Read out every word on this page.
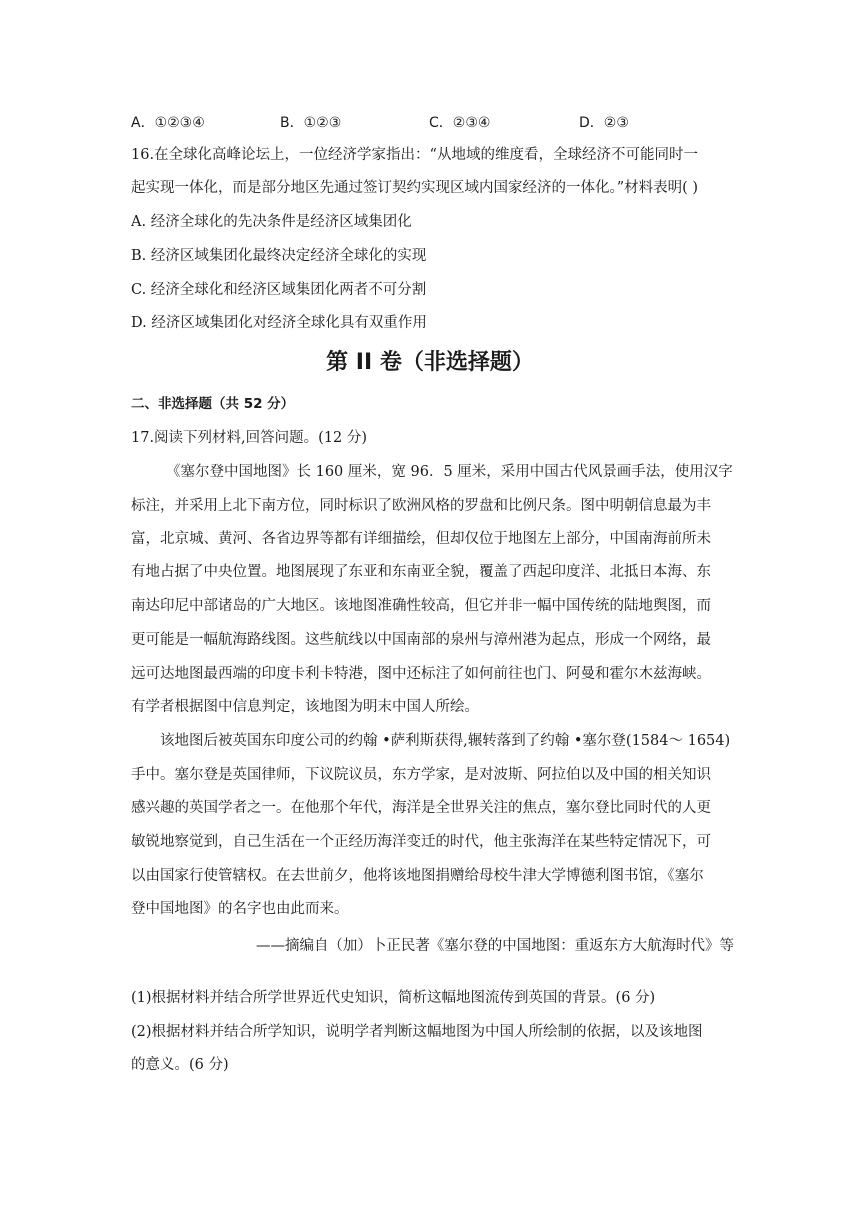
A．①②③④	B．①②③	C．②③④	D．②③
16.在全球化高峰论坛上，一位经济学家指出：“从地域的维度看，全球经济不可能同时一
起实现一体化，而是部分地区先通过签订契约实现区域内国家经济的一体化。”材料表明( )
A. 经济全球化的先决条件是经济区域集团化
B. 经济区域集团化最终决定经济全球化的实现
C. 经济全球化和经济区域集团化两者不可分割
D. 经济区域集团化对经济全球化具有双重作用
第 II 卷（非选择题）
二、非选择题（共 52 分）
17.阅读下列材料,回答问题。(12 分)
《塞尔登中国地图》长 160 厘米，宽 96．5 厘米，采用中国古代风景画手法，使用汉字
标注，并采用上北下南方位，同时标识了欧洲风格的罗盘和比例尺条。图中明朝信息最为丰
富，北京城、黄河、各省边界等都有详细描绘，但却仅位于地图左上部分，中国南海前所未
有地占据了中央位置。地图展现了东亚和东南亚全貌，覆盖了西起印度洋、北抵日本海、东
南达印尼中部诸岛的广大地区。该地图准确性较高，但它并非一幅中国传统的陆地舆图，而
更可能是一幅航海路线图。这些航线以中国南部的泉州与漳州港为起点，形成一个网络，最
远可达地图最西端的印度卡利卡特港，图中还标注了如何前往也门、阿曼和霍尔木兹海峡。
有学者根据图中信息判定，该地图为明末中国人所绘。
该地图后被英国东印度公司的约翰 •萨利斯获得,辗转落到了约翰 •塞尔登(1584～ 1654)
手中。塞尔登是英国律师，下议院议员，东方学家，是对波斯、阿拉伯以及中国的相关知识
感兴趣的英国学者之一。在他那个年代，海洋是全世界关注的焦点，塞尔登比同时代的人更
敏锐地察觉到，自己生活在一个正经历海洋变迁的时代，他主张海洋在某些特定情况下，可
以由国家行使管辖权。在去世前夕，他将该地图捐赠给母校牛津大学博德利图书馆，《塞尔
登中国地图》的名字也由此而来。
——摘编自（加）卜正民著《塞尔登的中国地图：重返东方大航海时代》等
(1)根据材料并结合所学世界近代史知识，简析这幅地图流传到英国的背景。(6 分)
(2)根据材料并结合所学知识，说明学者判断这幅地图为中国人所绘制的依据，以及该地图
的意义。(6 分)
